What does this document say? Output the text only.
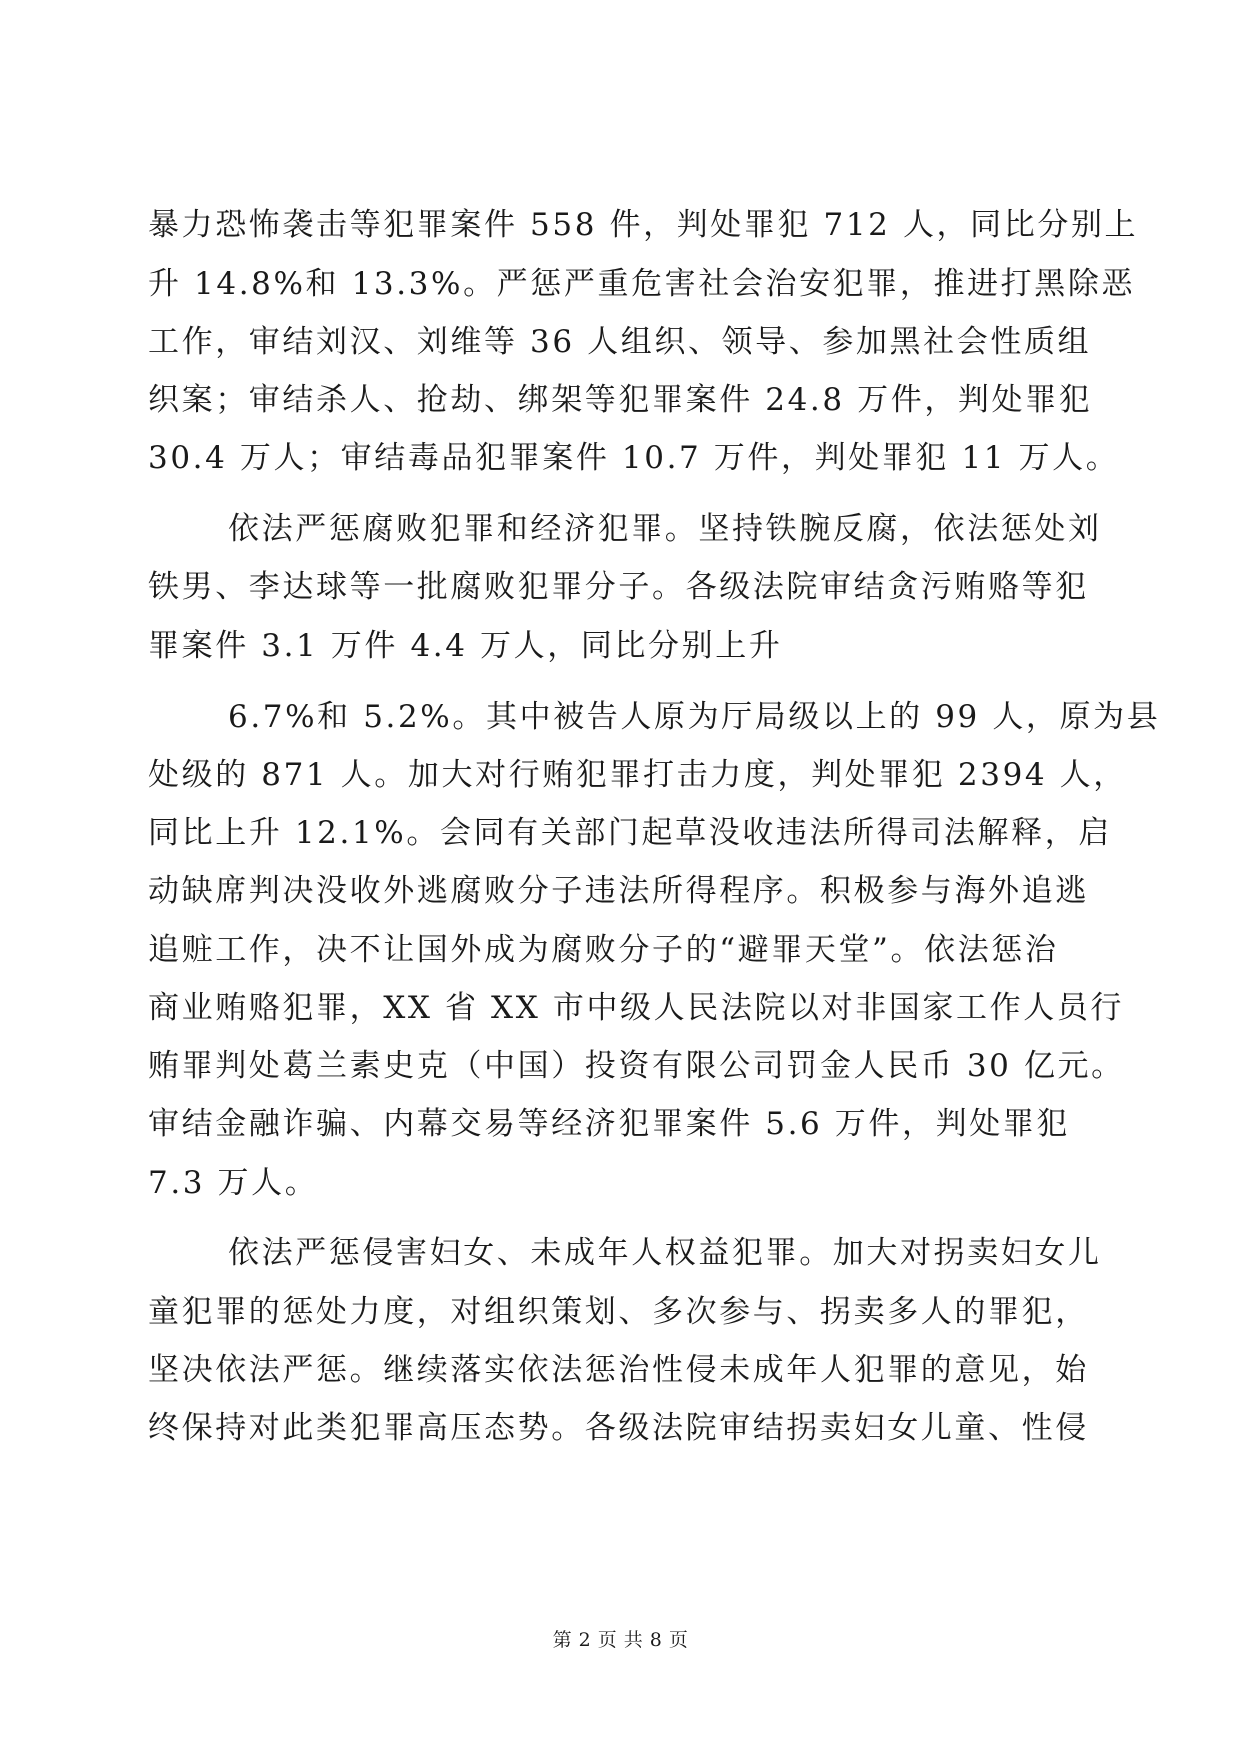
暴力恐怖袭击等犯罪案件 558 件，判处罪犯 712 人，同比分别上
升 14.8%和 13.3%。严惩严重危害社会治安犯罪，推进打黑除恶
工作，审结刘汉、刘维等 36 人组织、领导、参加黑社会性质组
织案；审结杀人、抢劫、绑架等犯罪案件 24.8 万件，判处罪犯
30.4 万人；审结毒品犯罪案件 10.7 万件，判处罪犯 11 万人。
依法严惩腐败犯罪和经济犯罪。坚持铁腕反腐，依法惩处刘
铁男、李达球等一批腐败犯罪分子。各级法院审结贪污贿赂等犯
罪案件 3.1 万件 4.4 万人，同比分别上升
6.7%和 5.2%。其中被告人原为厅局级以上的 99 人，原为县
处级的 871 人。加大对行贿犯罪打击力度，判处罪犯 2394 人，
同比上升 12.1%。会同有关部门起草没收违法所得司法解释，启
动缺席判决没收外逃腐败分子违法所得程序。积极参与海外追逃
追赃工作，决不让国外成为腐败分子的“避罪天堂”。依法惩治
商业贿赂犯罪，XX 省 XX 市中级人民法院以对非国家工作人员行
贿罪判处葛兰素史克（中国）投资有限公司罚金人民币 30 亿元。
审结金融诈骗、内幕交易等经济犯罪案件 5.6 万件，判处罪犯
7.3 万人。
依法严惩侵害妇女、未成年人权益犯罪。加大对拐卖妇女儿
童犯罪的惩处力度，对组织策划、多次参与、拐卖多人的罪犯，
坚决依法严惩。继续落实依法惩治性侵未成年人犯罪的意见，始
终保持对此类犯罪高压态势。各级法院审结拐卖妇女儿童、性侵
第 2 页 共 8 页
